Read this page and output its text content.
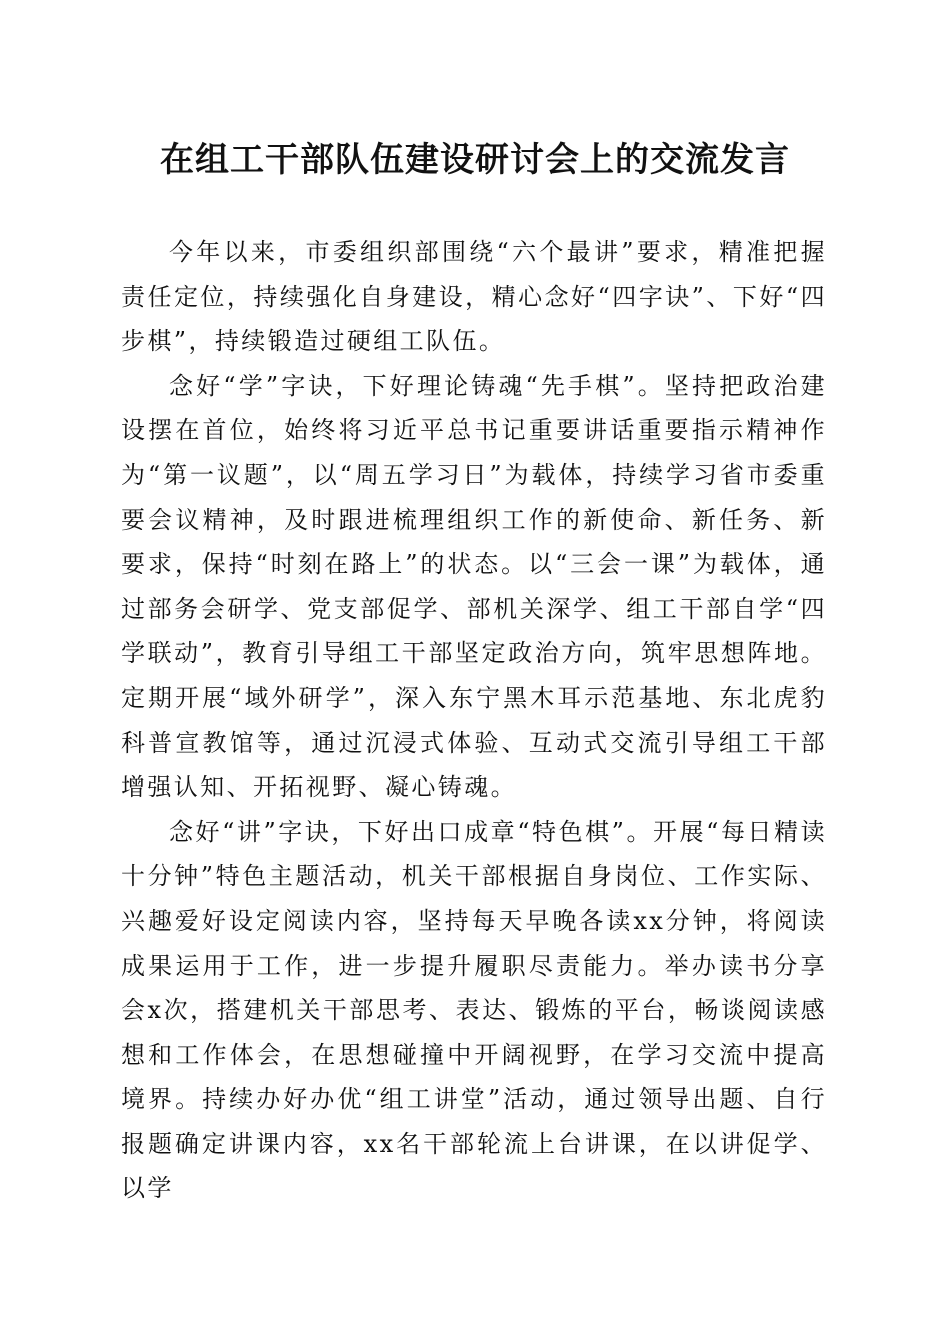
在组工干部队伍建设研讨会上的交流发言

今年以来，市委组织部围绕“六个最讲”要求，精准把握责任定位，持续强化自身建设，精心念好“四字诀”、下好“四步棋”，持续锻造过硬组工队伍。

念好“学”字诀，下好理论铸魂“先手棋”。坚持把政治建设摆在首位，始终将习近平总书记重要讲话重要指示精神作为“第一议题”，以“周五学习日”为载体，持续学习省市委重要会议精神，及时跟进梳理组织工作的新使命、新任务、新要求，保持“时刻在路上”的状态。以“三会一课”为载体，通过部务会研学、党支部促学、部机关深学、组工干部自学“四学联动”，教育引导组工干部坚定政治方向，筑牢思想阵地。定期开展“域外研学”，深入东宁黑木耳示范基地、东北虎豹科普宣教馆等，通过沉浸式体验、互动式交流引导组工干部增强认知、开拓视野、凝心铸魂。

念好“讲”字诀，下好出口成章“特色棋”。开展“每日精读十分钟”特色主题活动，机关干部根据自身岗位、工作实际、兴趣爱好设定阅读内容，坚持每天早晚各读xx分钟，将阅读成果运用于工作，进一步提升履职尽责能力。举办读书分享会x次，搭建机关干部思考、表达、锻炼的平台，畅谈阅读感想和工作体会，在思想碰撞中开阔视野，在学习交流中提高境界。持续办好办优“组工讲堂”活动，通过领导出题、自行报题确定讲课内容，xx名干部轮流上台讲课，在以讲促学、以学
